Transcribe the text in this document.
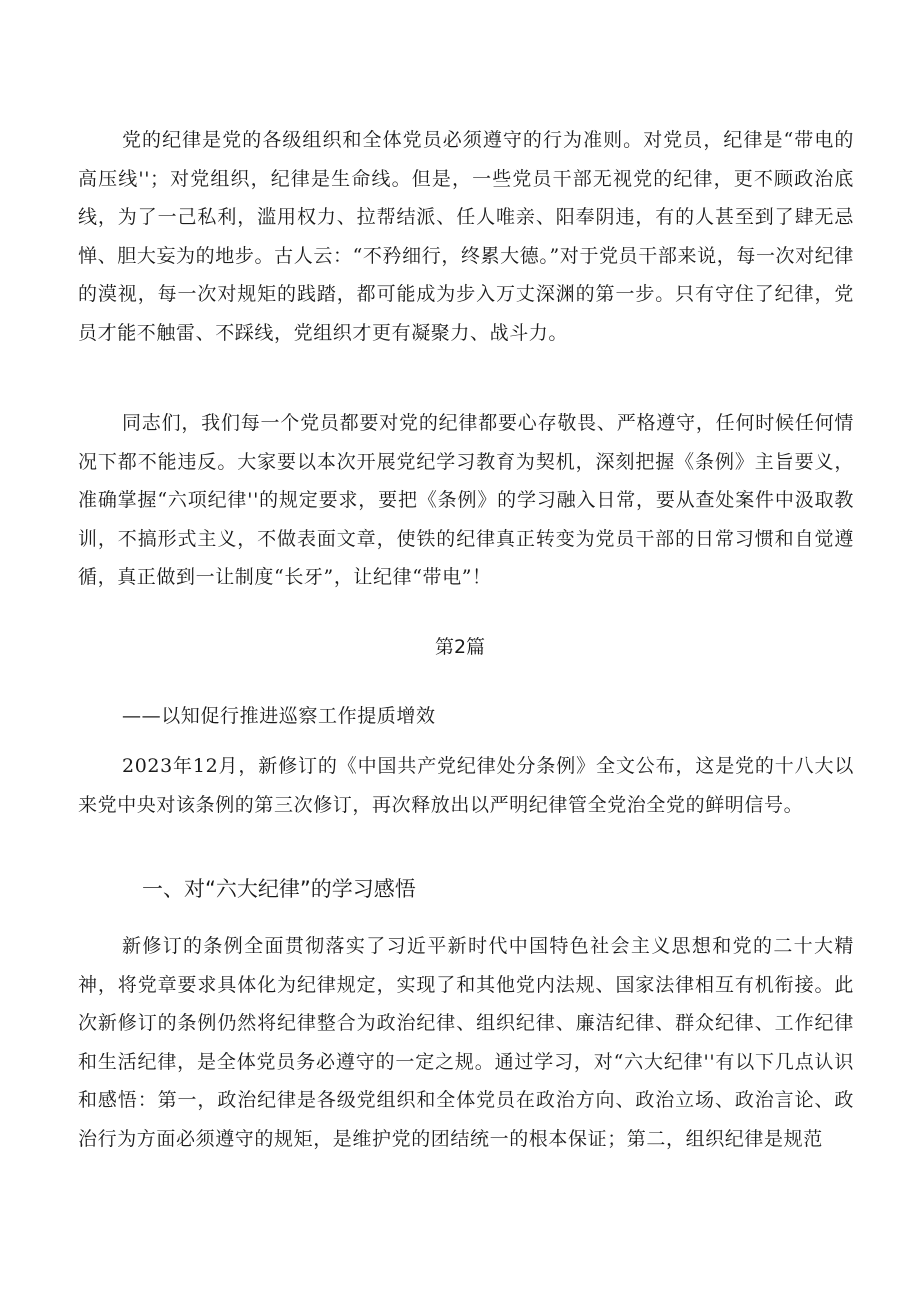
党的纪律是党的各级组织和全体党员必须遵守的行为准则。对党员，纪律是“带电的高压线''；对党组织，纪律是生命线。但是，一些党员干部无视党的纪律，更不顾政治底线，为了一己私利，滥用权力、拉帮结派、任人唯亲、阳奉阴违，有的人甚至到了肆无忌惮、胆大妄为的地步。古人云：“不矜细行，终累大德。”对于党员干部来说，每一次对纪律的漠视，每一次对规矩的践踏，都可能成为步入万丈深渊的第一步。只有守住了纪律，党员才能不触雷、不踩线，党组织才更有凝聚力、战斗力。

同志们，我们每一个党员都要对党的纪律都要心存敬畏、严格遵守，任何时候任何情况下都不能违反。大家要以本次开展党纪学习教育为契机，深刻把握《条例》主旨要义，准确掌握“六项纪律''的规定要求，要把《条例》的学习融入日常，要从查处案件中汲取教训，不搞形式主义，不做表面文章，使铁的纪律真正转变为党员干部的日常习惯和自觉遵循，真正做到一让制度“长牙”，让纪律“带电”！

第2篇
——以知促行推进巡察工作提质增效

2023年12月，新修订的《中国共产党纪律处分条例》全文公布，这是党的十八大以来党中央对该条例的第三次修订，再次释放出以严明纪律管全党治全党的鲜明信号。

一、对“六大纪律”的学习感悟

新修订的条例全面贯彻落实了习近平新时代中国特色社会主义思想和党的二十大精神，将党章要求具体化为纪律规定，实现了和其他党内法规、国家法律相互有机衔接。此次新修订的条例仍然将纪律整合为政治纪律、组织纪律、廉洁纪律、群众纪律、工作纪律和生活纪律，是全体党员务必遵守的一定之规。通过学习，对“六大纪律''有以下几点认识和感悟：第一，政治纪律是各级党组织和全体党员在政治方向、政治立场、政治言论、政治行为方面必须遵守的规矩，是维护党的团结统一的根本保证；第二，组织纪律是规范
